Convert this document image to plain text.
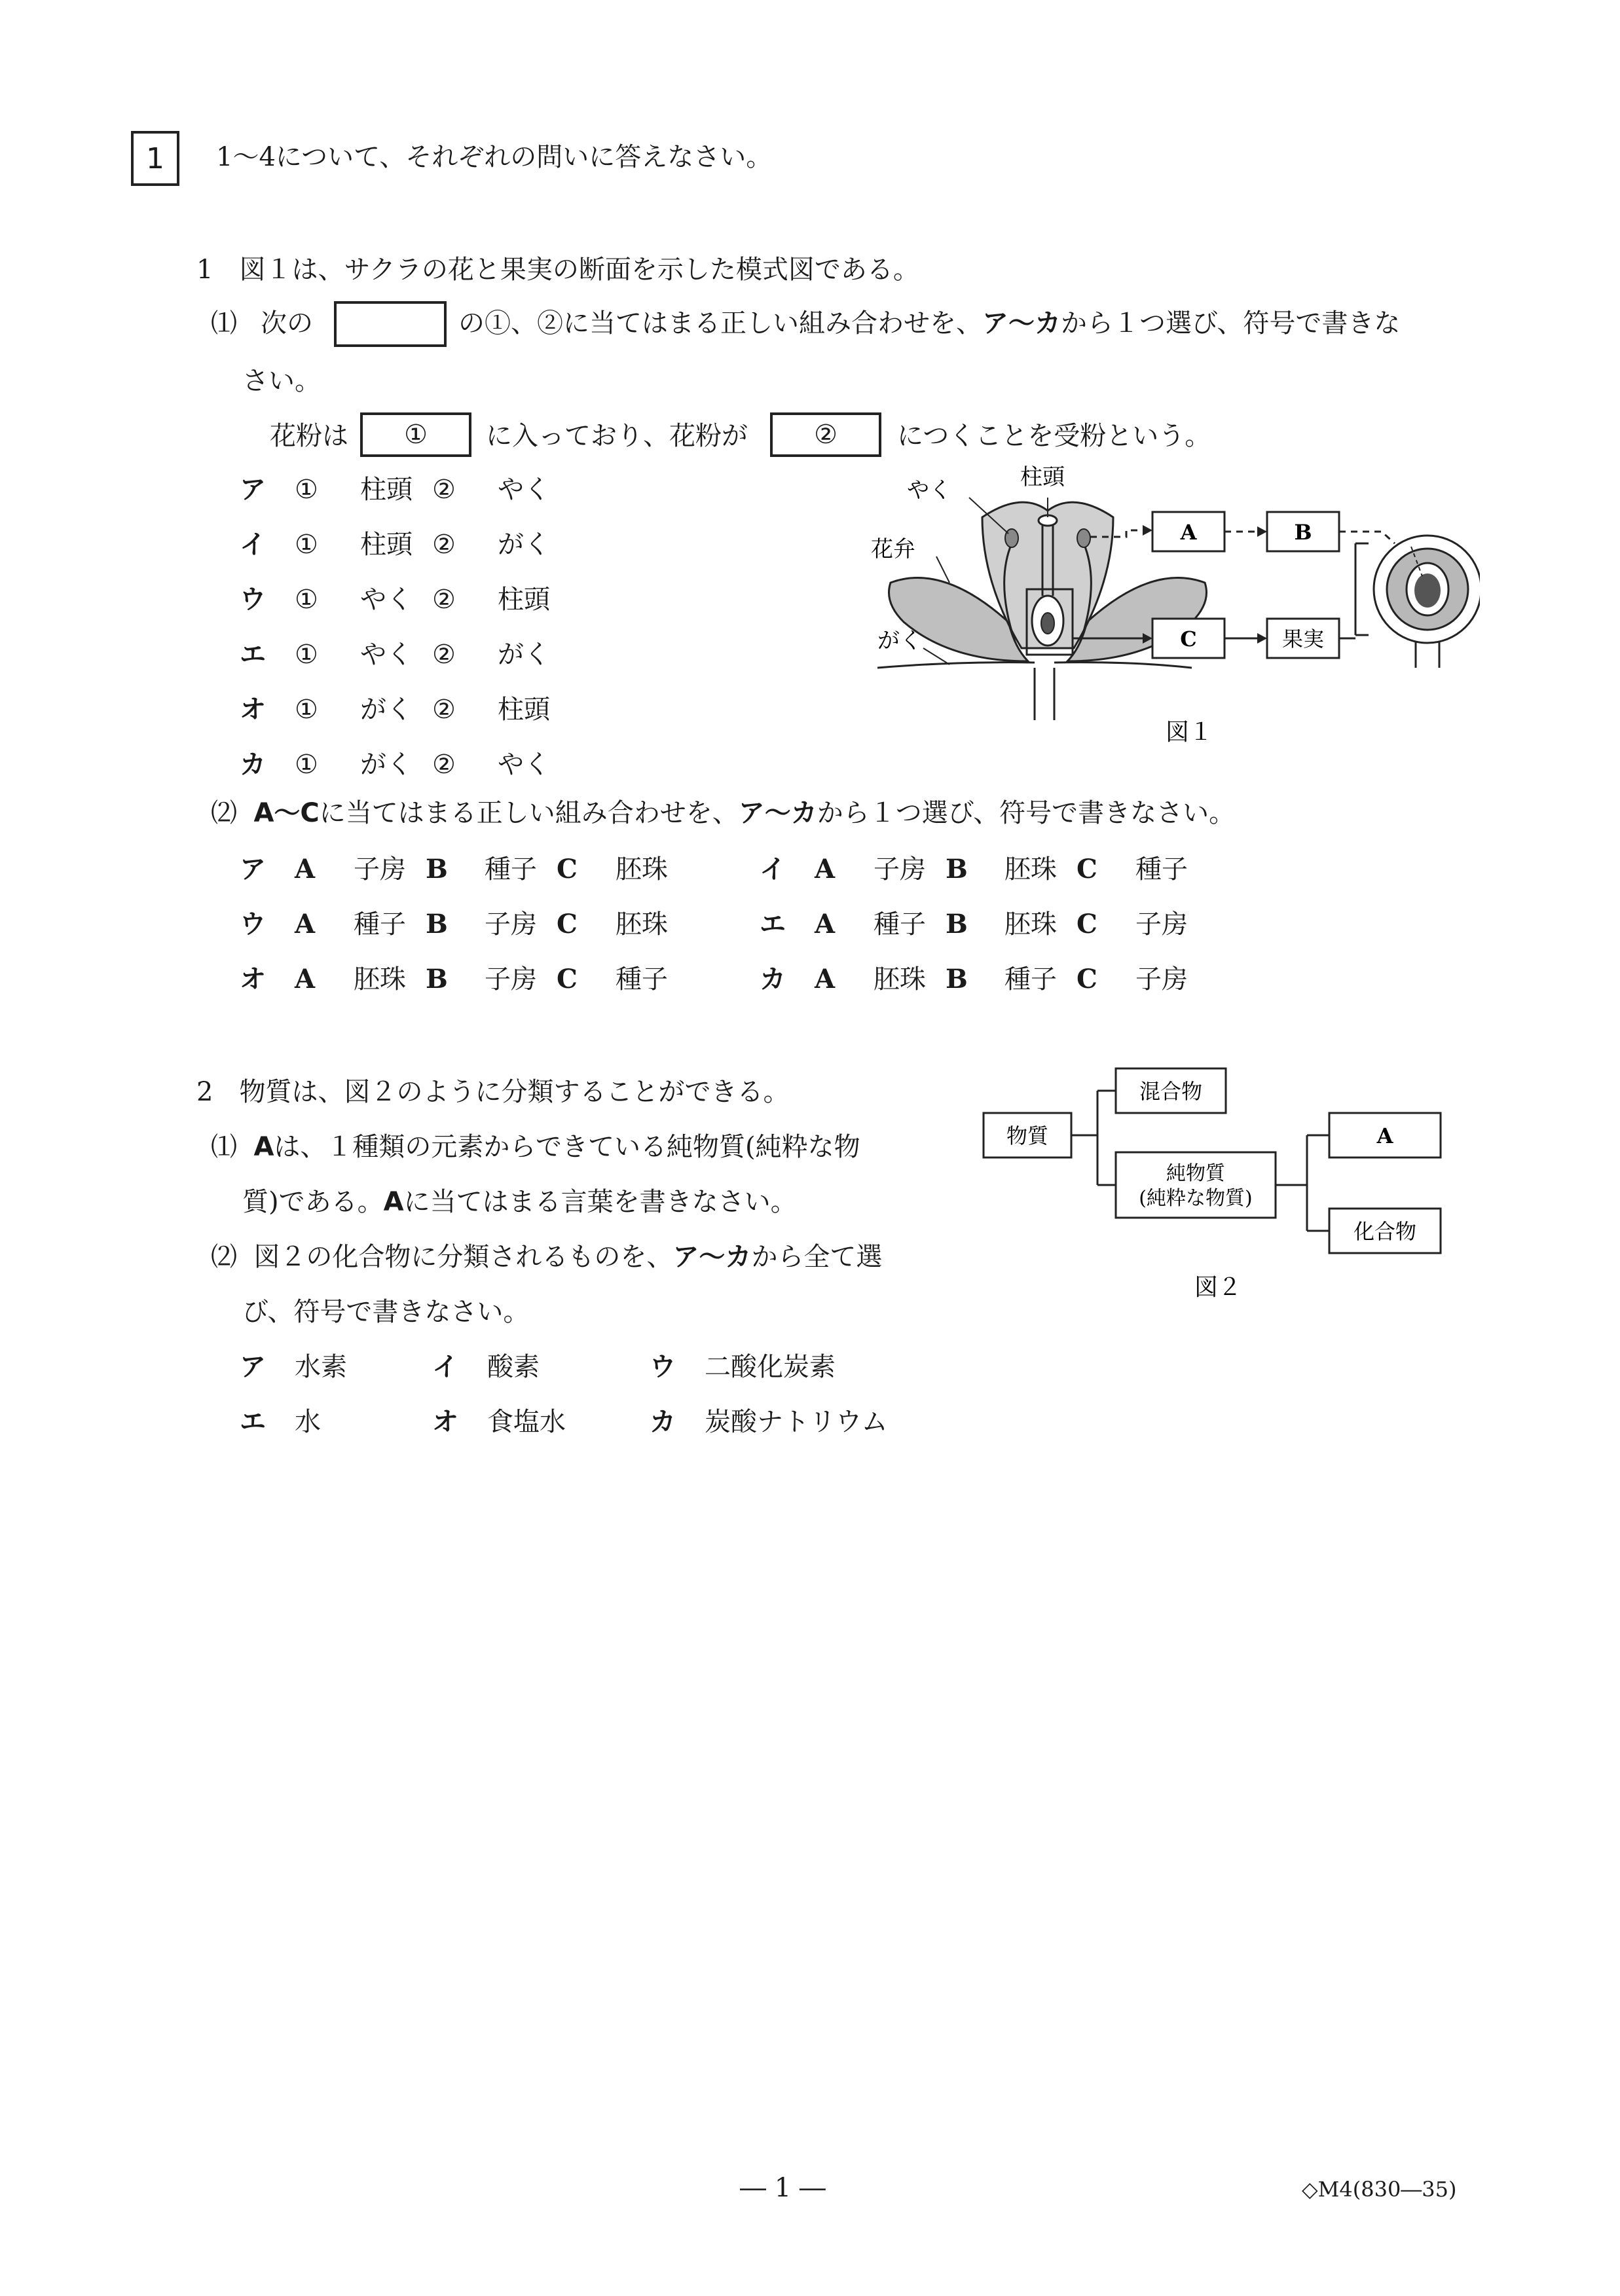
1 1～4について、それぞれの問いに答えなさい。
1　図１は、サクラの花と果実の断面を示した模式図である。
⑴ 次の	の①、②に当てはまる正しい組み合わせを、ア～カから１つ選び、符号で書きな
さい。
花粉は ① に入っており、花粉が	② につくことを受粉という。
ア ① 柱頭 ② やく
イ ① 柱頭 ② がく
ウ ① やく ② 柱頭
エ ① やく ② がく
オ ① がく ② 柱頭
カ ① がく ② やく
やく	柱頭
花弁
がく
A	B
C	果実
図１
⑵ A～Cに当てはまる正しい組み合わせを、ア～カから１つ選び、符号で書きなさい。
ア A 子房 B 種子 C 胚珠	イ A 子房 B 胚珠 C 種子
ウ A 種子 B 子房 C 胚珠	エ A 種子 B 胚珠 C 子房
オ A 胚珠 B 子房 C 種子	カ A 胚珠 B 種子 C 子房
2　物質は、図２のように分類することができる。
⑴ Aは、１種類の元素からできている純物質(純粋な物
質)である。Aに当てはまる言葉を書きなさい。
⑵ 図２の化合物に分類されるものを、ア～カから全て選
び、符号で書きなさい。
ア 水素	イ 酸素	ウ 二酸化炭素
エ 水	オ 食塩水	カ 炭酸ナトリウム
物質
混合物
純物質
(純粋な物質)
A
化合物
図２
― 1 ―	◇M4(830―35)
